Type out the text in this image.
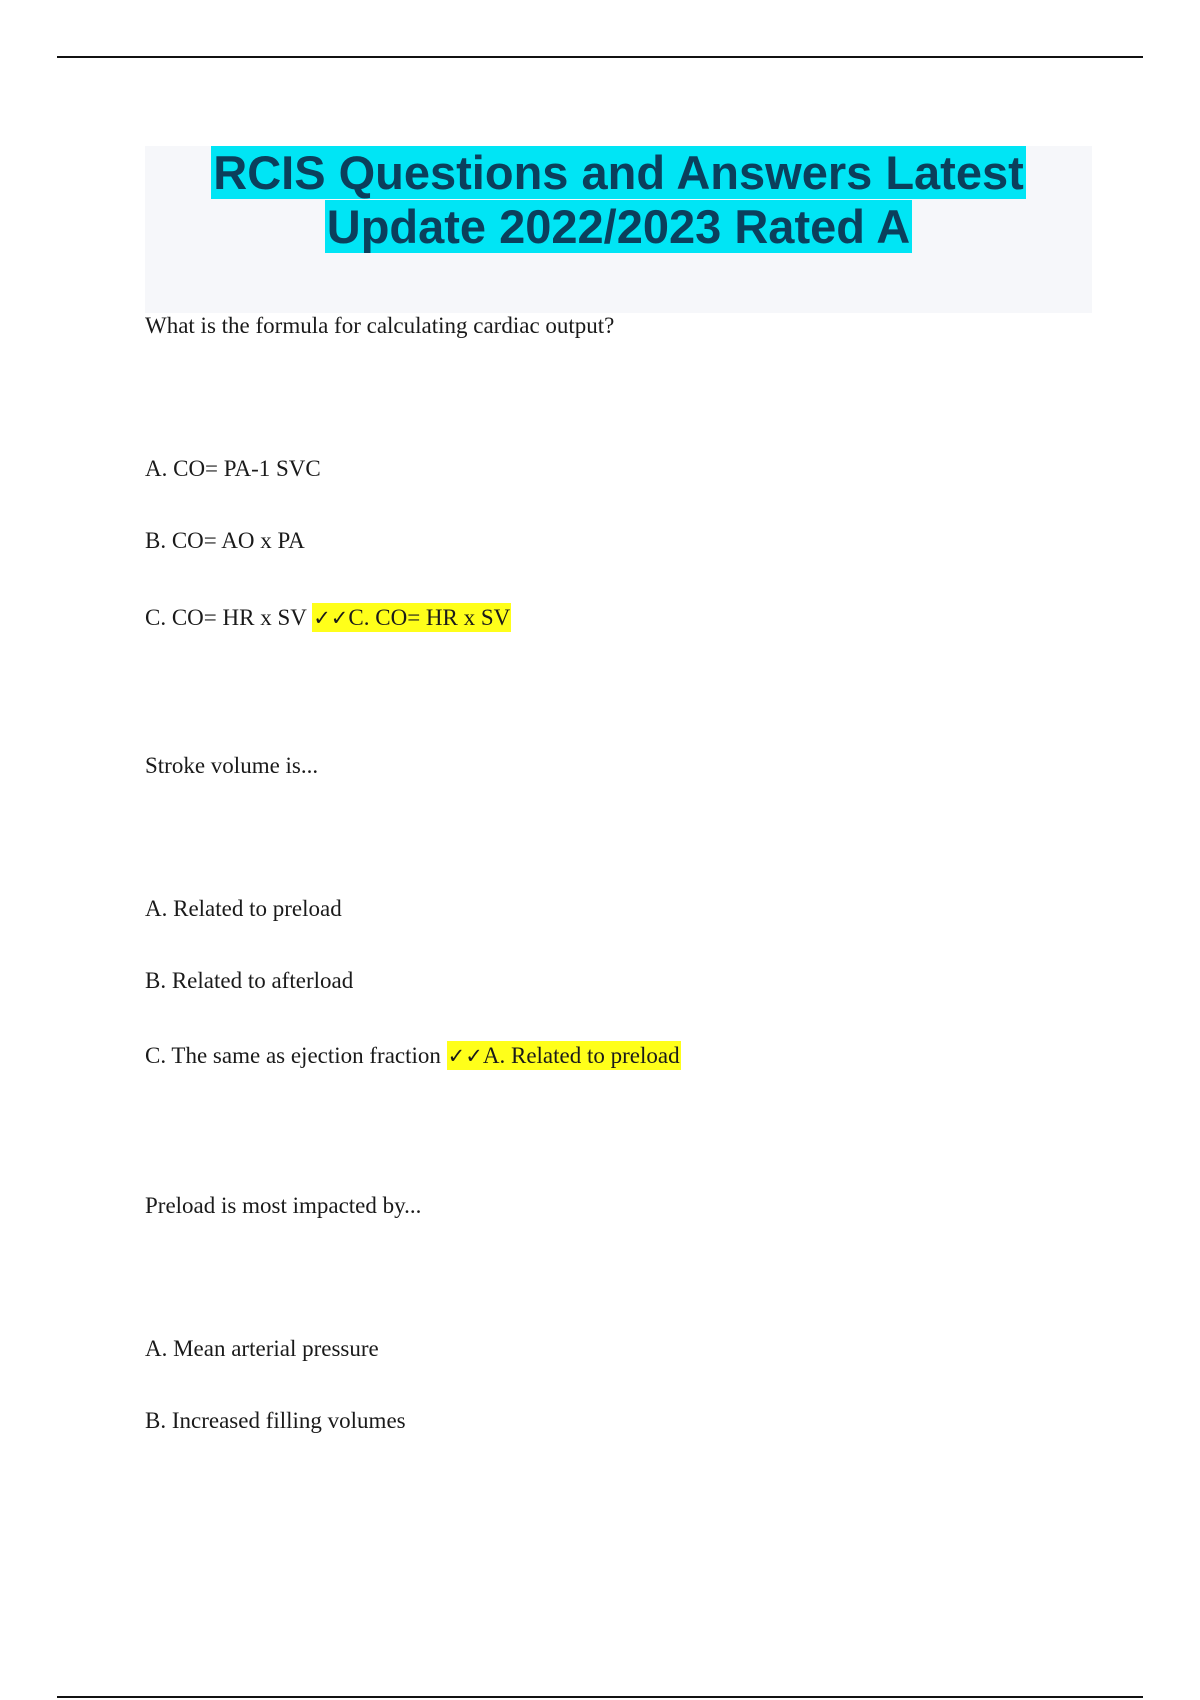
RCIS Questions and Answers Latest
Update 2022/2023 Rated A

What is the formula for calculating cardiac output?

A. CO= PA-1 SVC

B. CO= AO x PA

C. CO= HR x SV ✓✓C. CO= HR x SV

Stroke volume is...

A. Related to preload

B. Related to afterload

C. The same as ejection fraction ✓✓A. Related to preload

Preload is most impacted by...

A. Mean arterial pressure

B. Increased filling volumes
